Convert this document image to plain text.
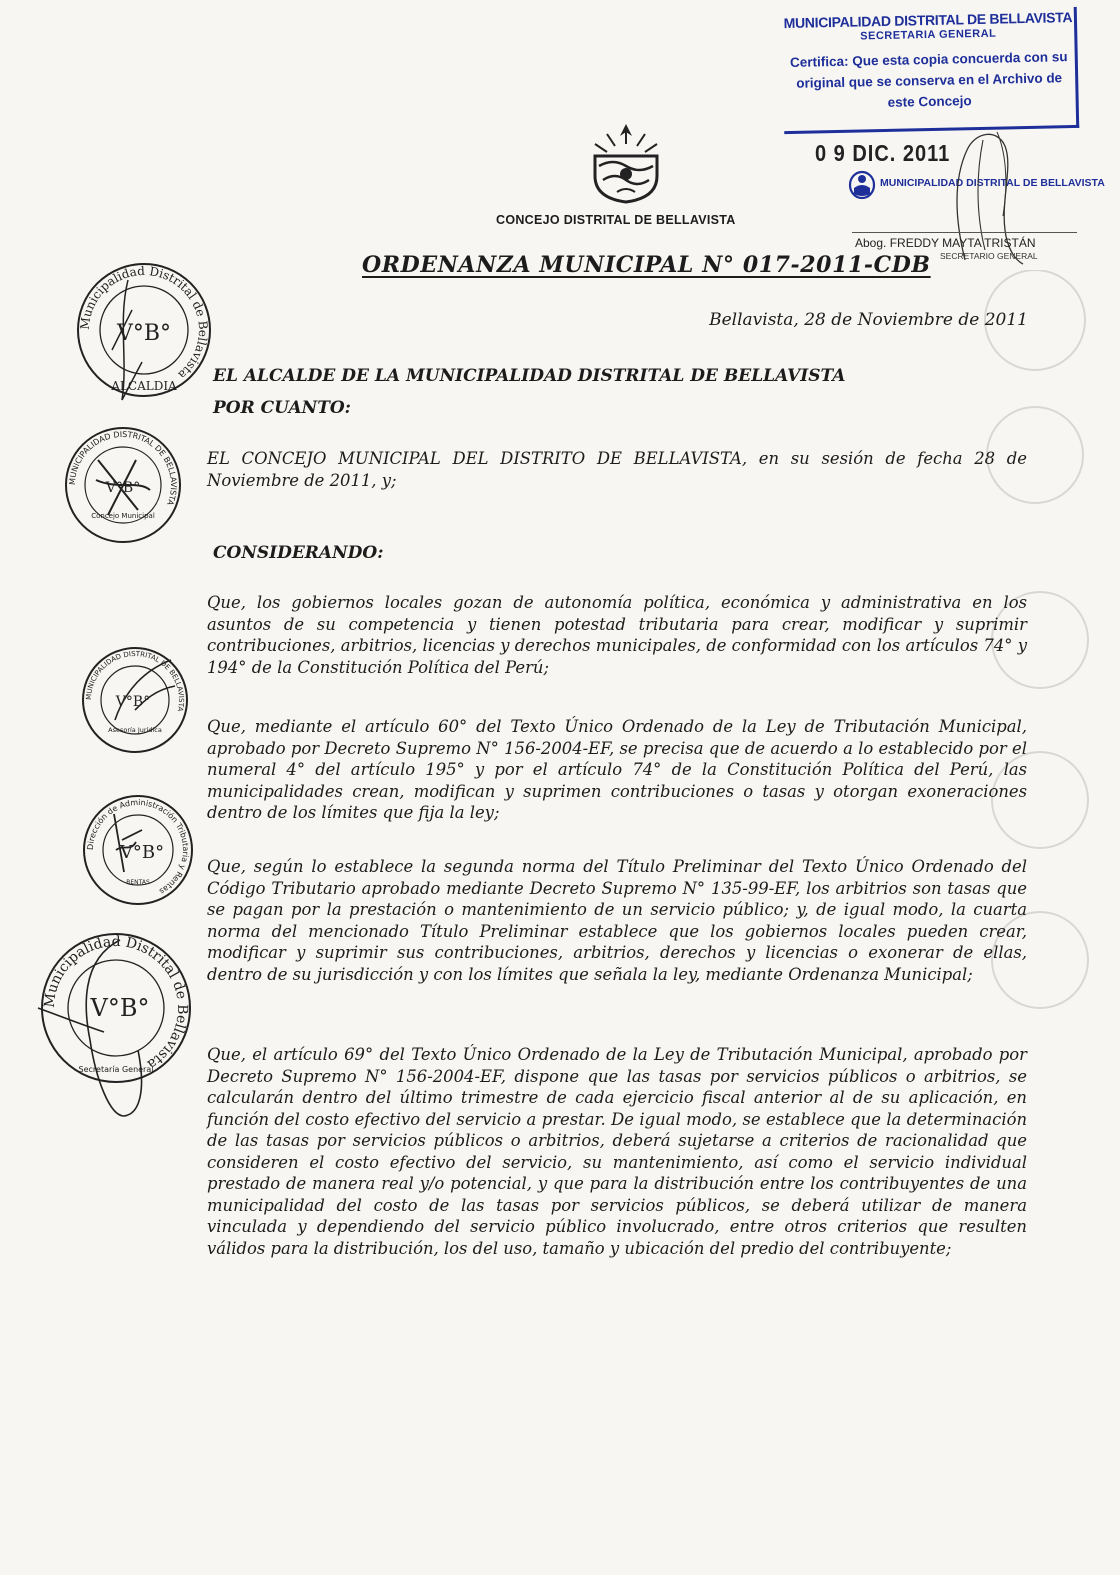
MUNICIPALIDAD DISTRITAL DE BELLAVISTA
SECRETARIA GENERAL
Certifica: Que esta copia concuerda con su original que se conserva en el Archivo de este Concejo
0 9 DIC. 2011
MUNICIPALIDAD DISTRITAL DE BELLAVISTA
Abog. FREDDY MAYTA TRISTÁN
SECRETARIO GENERAL
CONCEJO DISTRITAL DE BELLAVISTA
ORDENANZA MUNICIPAL N° 017-2011-CDB
Bellavista, 28 de Noviembre de 2011
EL ALCALDE DE LA MUNICIPALIDAD DISTRITAL DE BELLAVISTA
POR CUANTO:
EL CONCEJO MUNICIPAL DEL DISTRITO DE BELLAVISTA, en su sesión de fecha 28 de Noviembre de 2011, y;
CONSIDERANDO:
Que, los gobiernos locales gozan de autonomía política, económica y administrativa en los asuntos de su competencia y tienen potestad tributaria para crear, modificar y suprimir contribuciones, arbitrios, licencias y derechos municipales, de conformidad con los artículos 74° y 194° de la Constitución Política del Perú;
Que, mediante el artículo 60° del Texto Único Ordenado de la Ley de Tributación Municipal, aprobado por Decreto Supremo N° 156-2004-EF, se precisa que de acuerdo a lo establecido por el numeral 4° del artículo 195° y por el artículo 74° de la Constitución Política del Perú, las municipalidades crean, modifican y suprimen contribuciones o tasas y otorgan exoneraciones dentro de los límites que fija la ley;
Que, según lo establece la segunda norma del Título Preliminar del Texto Único Ordenado del Código Tributario aprobado mediante Decreto Supremo N° 135-99-EF, los arbitrios son tasas que se pagan por la prestación o mantenimiento de un servicio público; y, de igual modo, la cuarta norma del mencionado Título Preliminar establece que los gobiernos locales pueden crear, modificar y suprimir sus contribuciones, arbitrios, derechos y licencias o exonerar de ellas, dentro de su jurisdicción y con los límites que señala la ley, mediante Ordenanza Municipal;
Que, el artículo 69° del Texto Único Ordenado de la Ley de Tributación Municipal, aprobado por Decreto Supremo N° 156-2004-EF, dispone que las tasas por servicios públicos o arbitrios, se calcularán dentro del último trimestre de cada ejercicio fiscal anterior al de su aplicación, en función del costo efectivo del servicio a prestar. De igual modo, se establece que la determinación de las tasas por servicios públicos o arbitrios, deberá sujetarse a criterios de racionalidad que consideren el costo efectivo del servicio, su mantenimiento, así como el servicio individual prestado de manera real y/o potencial, y que para la distribución entre los contribuyentes de una municipalidad del costo de las tasas por servicios públicos, se deberá utilizar de manera vinculada y dependiendo del servicio público involucrado, entre otros criterios que resulten válidos para la distribución, los del uso, tamaño y ubicación del predio del contribuyente;
Municipalidad Distrital de Bellavista
V°B°
ALCALDIA
MUNICIPALIDAD DISTRITAL DE BELLAVISTA
V°B°
Concejo Municipal
MUNICIPALIDAD DISTRITAL DE BELLAVISTA
V°B°
Asesoría Jurídica
Dirección de Administración Tributaria y Rentas
V°B°
RENTAS
Municipalidad Distrital de Bellavista
V°B°
Secretaría General
